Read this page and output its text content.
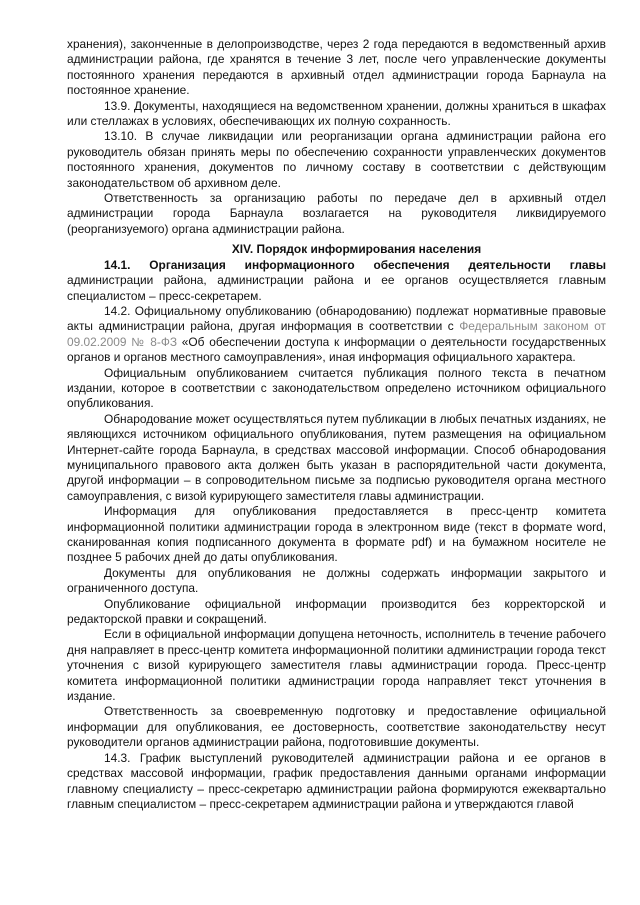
хранения), законченные в делопроизводстве, через 2 года передаются в ведомственный архив администрации района, где хранятся в течение 3 лет, после чего управленческие документы постоянного хранения передаются в архивный отдел администрации города Барнаула на постоянное хранение.

13.9. Документы, находящиеся на ведомственном хранении, должны храниться в шкафах или стеллажах в условиях, обеспечивающих их полную сохранность.

13.10. В случае ликвидации или реорганизации органа администрации района его руководитель обязан принять меры по обеспечению сохранности управленческих документов постоянного хранения, документов по личному составу в соответствии с действующим законодательством об архивном деле.

Ответственность за организацию работы по передаче дел в архивный отдел администрации города Барнаула возлагается на руководителя ликвидируемого (реорганизуемого) органа администрации района.

XIV. Порядок информирования населения

14.1. Организация информационного обеспечения деятельности главы администрации района, администрации района и ее органов осуществляется главным специалистом – пресс-секретарем.

14.2. Официальному опубликованию (обнародованию) подлежат нормативные правовые акты администрации района, другая информация в соответствии с Федеральным законом от 09.02.2009 № 8-ФЗ «Об обеспечении доступа к информации о деятельности государственных органов и органов местного самоуправления», иная информация официального характера.

Официальным опубликованием считается публикация полного текста в печатном издании, которое в соответствии с законодательством определено источником официального опубликования.

Обнародование может осуществляться путем публикации в любых печатных изданиях, не являющихся источником официального опубликования, путем размещения на официальном Интернет-сайте города Барнаула, в средствах массовой информации. Способ обнародования муниципального правового акта должен быть указан в распорядительной части документа, другой информации – в сопроводительном письме за подписью руководителя органа местного самоуправления, с визой курирующего заместителя главы администрации.

Информация для опубликования предоставляется в пресс-центр комитета информационной политики администрации города в электронном виде (текст в формате word, сканированная копия подписанного документа в формате pdf) и на бумажном носителе не позднее 5 рабочих дней до даты опубликования.

Документы для опубликования не должны содержать информации закрытого и ограниченного доступа.

Опубликование официальной информации производится без корректорской и редакторской правки и сокращений.

Если в официальной информации допущена неточность, исполнитель в течение рабочего дня направляет в пресс-центр комитета информационной политики администрации города текст уточнения с визой курирующего заместителя главы администрации города. Пресс-центр комитета информационной политики администрации города направляет текст уточнения в издание.

Ответственность за своевременную подготовку и предоставление официальной информации для опубликования, ее достоверность, соответствие законодательству несут руководители органов администрации района, подготовившие документы.

14.3. График выступлений руководителей администрации района и ее органов в средствах массовой информации, график предоставления данными органами информации главному специалисту – пресс-секретарю администрации района формируются ежеквартально главным специалистом – пресс-секретарем администрации района и утверждаются главой
